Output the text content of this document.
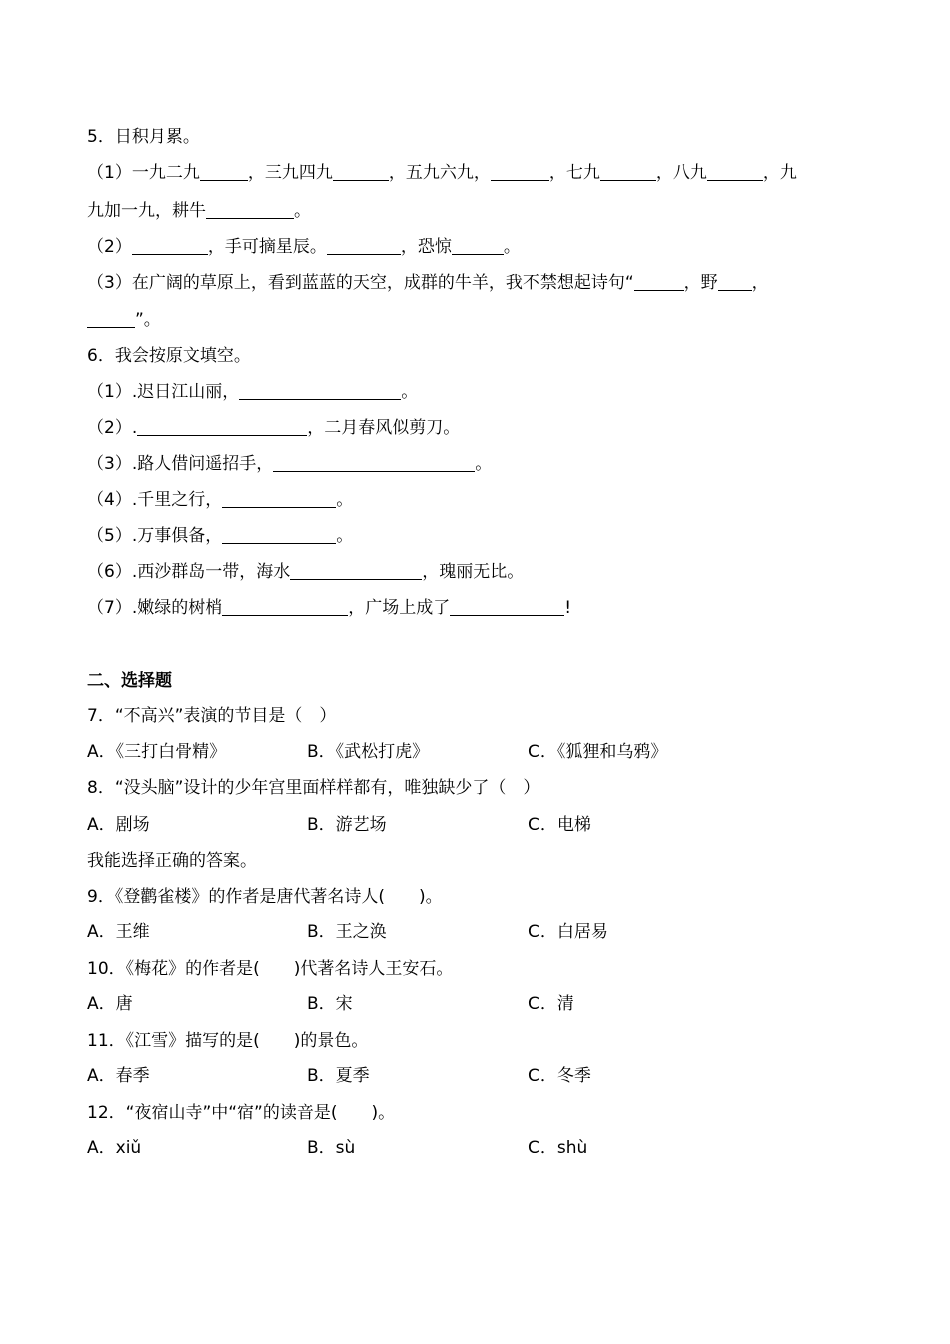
5．日积月累。
（1）一九二九	，三九四九	，五九六九，	，七九	，八九	，九
九加一九，耕牛	。
（2）	，手可摘星辰。	，恐惊	。
（3）在广阔的草原上，看到蓝蓝的天空，成群的牛羊，我不禁想起诗句“	，野 ，
”。
6．我会按原文填空。
（1）.迟日江山丽，	。
（2）.	，二月春风似剪刀。
（3）.路人借问遥招手，	。
（4）.千里之行，	。
（5）.万事俱备，	。
（6）.西沙群岛一带，海水	，瑰丽无比。
（7）.嫩绿的树梢	，广场上成了	!
二、选择题
7．“不高兴”表演的节目是（　）
A．《三打白骨精》	B．《武松打虎》	C．《狐狸和乌鸦》
8．“没头脑”设计的少年宫里面样样都有，唯独缺少了（　）
A．剧场	B．游艺场	C．电梯
我能选择正确的答案。
9．《登鹳雀楼》的作者是唐代著名诗人(　　)。
A．王维	B．王之涣	C．白居易
10．《梅花》的作者是(　　)代著名诗人王安石。
A．唐	B．宋	C．清
11．《江雪》描写的是(　　)的景色。
A．春季	B．夏季	C．冬季
12．“夜宿山寺”中“宿”的读音是(　　)。
A．xiǔ	B．sù	C．shù
